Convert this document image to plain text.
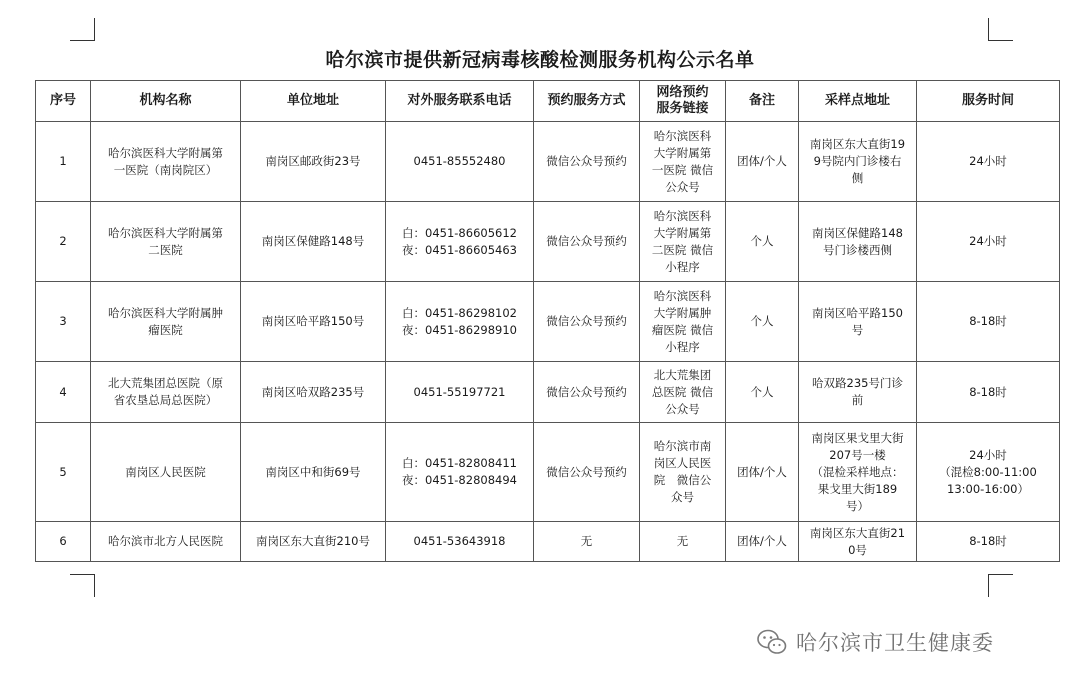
哈尔滨市提供新冠病毒核酸检测服务机构公示名单
序号	机构名称	单位地址	对外服务联系电话	预约服务方式	网络预约
服务链接	备注	采样点地址	服务时间
1	哈尔滨医科大学附属第
一医院（南岗院区）	南岗区邮政街23号	0451-85552480	微信公众号预约	哈尔滨医科
大学附属第
一医院 微信
公众号	团体/个人	南岗区东大直街19
9号院内门诊楼右
侧	24小时
2	哈尔滨医科大学附属第
二医院	南岗区保健路148号	白：0451-86605612
夜：0451-86605463	微信公众号预约	哈尔滨医科
大学附属第
二医院 微信
小程序	个人	南岗区保健路148
号门诊楼西侧	24小时
3	哈尔滨医科大学附属肿
瘤医院	南岗区哈平路150号	白：0451-86298102
夜：0451-86298910	微信公众号预约	哈尔滨医科
大学附属肿
瘤医院 微信
小程序	个人	南岗区哈平路150
号	8-18时
4	北大荒集团总医院（原
省农垦总局总医院）	南岗区哈双路235号	0451-55197721	微信公众号预约	北大荒集团
总医院 微信
公众号	个人	哈双路235号门诊
前	8-18时
5	南岗区人民医院	南岗区中和街69号	白：0451-82808411
夜：0451-82808494	微信公众号预约	哈尔滨市南
岗区人民医
院　微信公
众号	团体/个人	南岗区果戈里大街
207号一楼
（混检采样地点：
果戈里大街189
号）	24小时
（混检8:00-11:00
13:00-16:00）
6	哈尔滨市北方人民医院	南岗区东大直街210号	0451-53643918	无	无	团体/个人	南岗区东大直街21
0号	8-18时
哈尔滨市卫生健康委
